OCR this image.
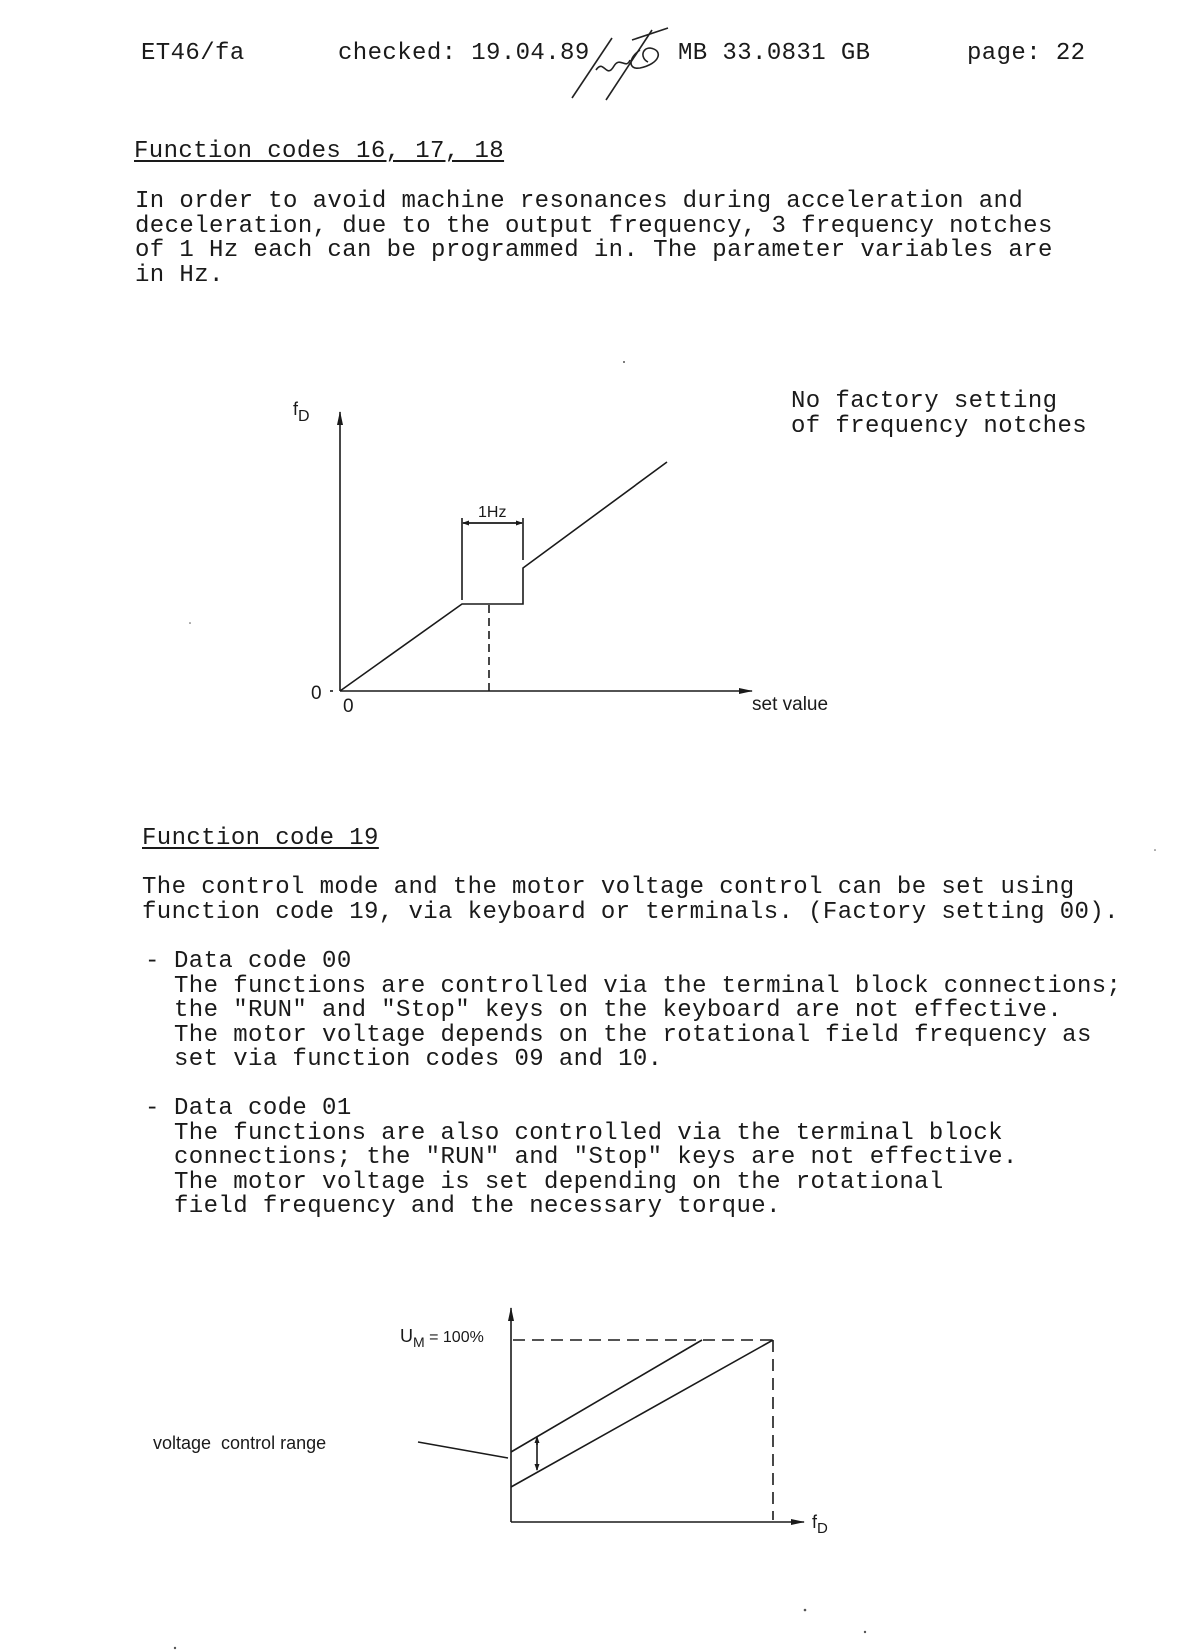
ET46/fa	checked: 19.04.89	MB 33.0831 GB	page: 22
Function codes 16, 17, 18
In order to avoid machine resonances during acceleration and
deceleration, due to the output frequency, 3 frequency notches
of 1 Hz each can be programmed in. The parameter variables are
in Hz.
No factory setting
of frequency notches
Function code 19
The control mode and the motor voltage control can be set using
function code 19, via keyboard or terminals. (Factory setting 00).
- Data code 00
The functions are controlled via the terminal block connections;
the "RUN" and "Stop" keys on the keyboard are not effective.
The motor voltage depends on the rotational field frequency as
set via function codes 09 and 10.
- Data code 01
The functions are also controlled via the terminal block
connections; the "RUN" and "Stop" keys are not effective.
The motor voltage is set depending on the rotational
field frequency and the necessary torque.
fD
0
0	set value
1Hz
$U_M = 100\%$
$f_D$
voltage  control range
